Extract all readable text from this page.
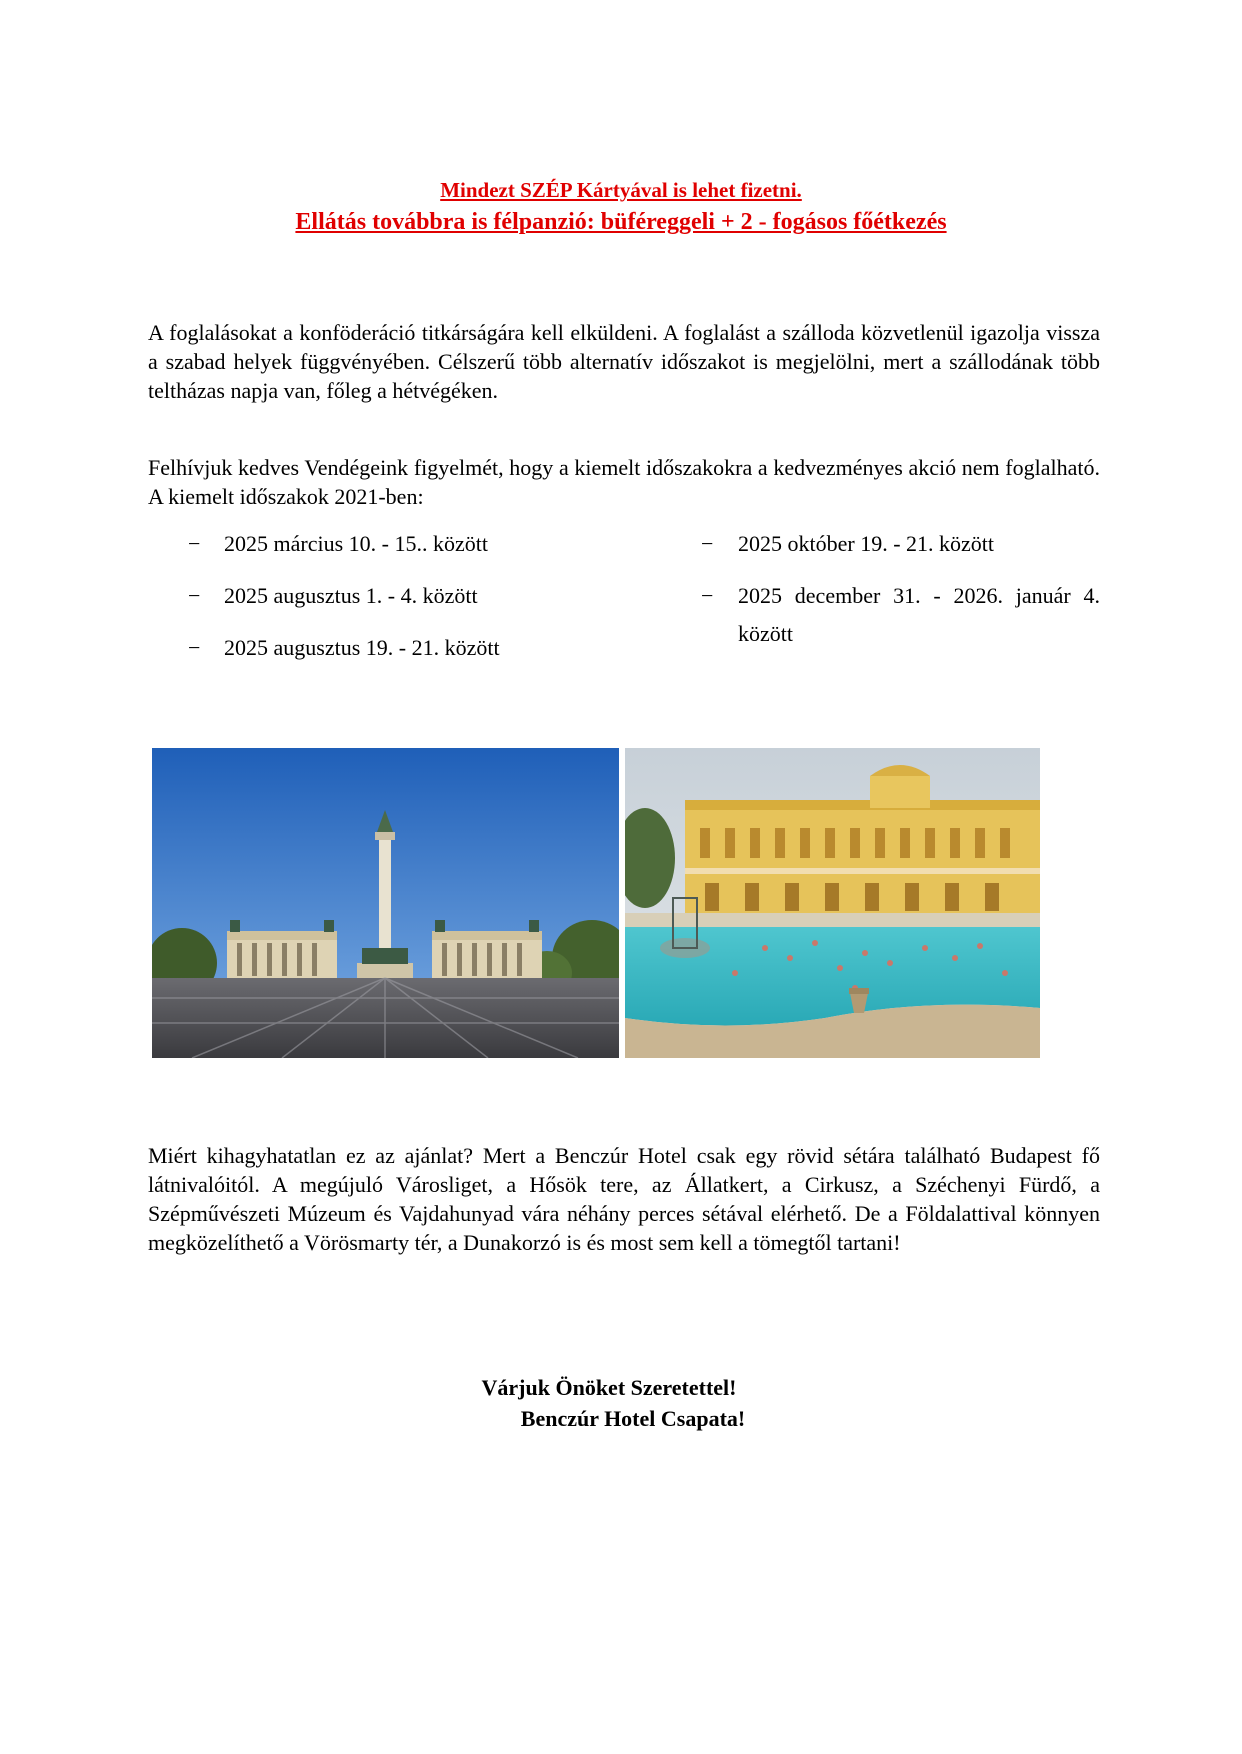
Mindezt SZÉP Kártyával is lehet fizetni.
Ellátás továbbra is félpanzió: büféreggeli + 2 - fogásos főétkezés
A foglalásokat a konföderáció titkárságára kell elküldeni. A foglalást a szálloda közvetlenül igazolja vissza a szabad helyek függvényében. Célszerű több alternatív időszakot is megjelölni, mert a szállodának több teltházas napja van, főleg a hétvégéken.
Felhívjuk kedves Vendégeink figyelmét, hogy a kiemelt időszakokra a kedvezményes akció nem foglalható. A kiemelt időszakok 2021-ben:
− 2025 március 10. - 15.. között
− 2025 augusztus 1. - 4. között
− 2025 augusztus 19. - 21. között
− 2025 október 19. - 21. között
− 2025 december 31. - 2026. január 4. között
Miért kihagyhatatlan ez az ajánlat? Mert a Benczúr Hotel csak egy rövid sétára található Budapest fő látnivalóitól. A megújuló Városliget, a Hősök tere, az Állatkert, a Cirkusz, a Széchenyi Fürdő, a Szépművészeti Múzeum és Vajdahunyad vára néhány perces sétával elérhető. De a Földalattival könnyen megközelíthető a Vörösmarty tér, a Dunakorzó is és most sem kell a tömegtől tartani!
Várjuk Önöket Szeretettel!
Benczúr Hotel Csapata!
